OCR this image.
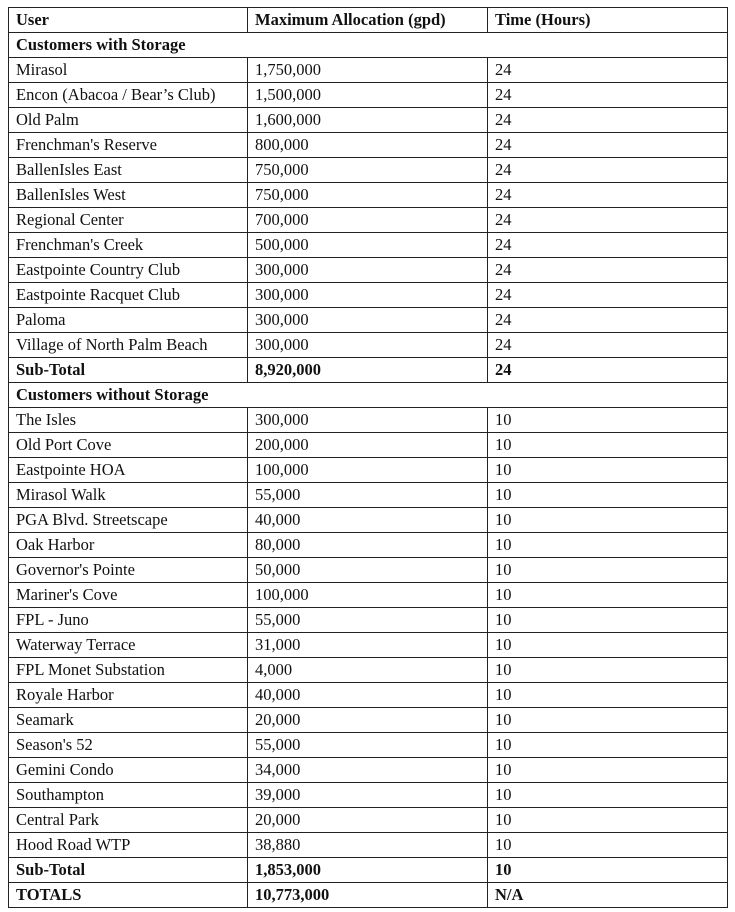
User	Maximum Allocation (gpd)	Time (Hours)
Customers with Storage		
Mirasol	1,750,000	24
Encon (Abacoa / Bear’s Club)	1,500,000	24
Old Palm	1,600,000	24
Frenchman's Reserve	800,000	24
BallenIsles East	750,000	24
BallenIsles West	750,000	24
Regional Center	700,000	24
Frenchman's Creek	500,000	24
Eastpointe Country Club	300,000	24
Eastpointe Racquet Club	300,000	24
Paloma	300,000	24
Village of North Palm Beach	300,000	24
Sub-Total	8,920,000	24
Customers without Storage		
The Isles	300,000	10
Old Port Cove	200,000	10
Eastpointe HOA	100,000	10
Mirasol Walk	55,000	10
PGA Blvd. Streetscape	40,000	10
Oak Harbor	80,000	10
Governor's Pointe	50,000	10
Mariner's Cove	100,000	10
FPL - Juno	55,000	10
Waterway Terrace	31,000	10
FPL Monet Substation	4,000	10
Royale Harbor	40,000	10
Seamark	20,000	10
Season's 52	55,000	10
Gemini Condo	34,000	10
Southampton	39,000	10
Central Park	20,000	10
Hood Road WTP	38,880	10
Sub-Total	1,853,000	10
TOTALS	10,773,000	N/A
